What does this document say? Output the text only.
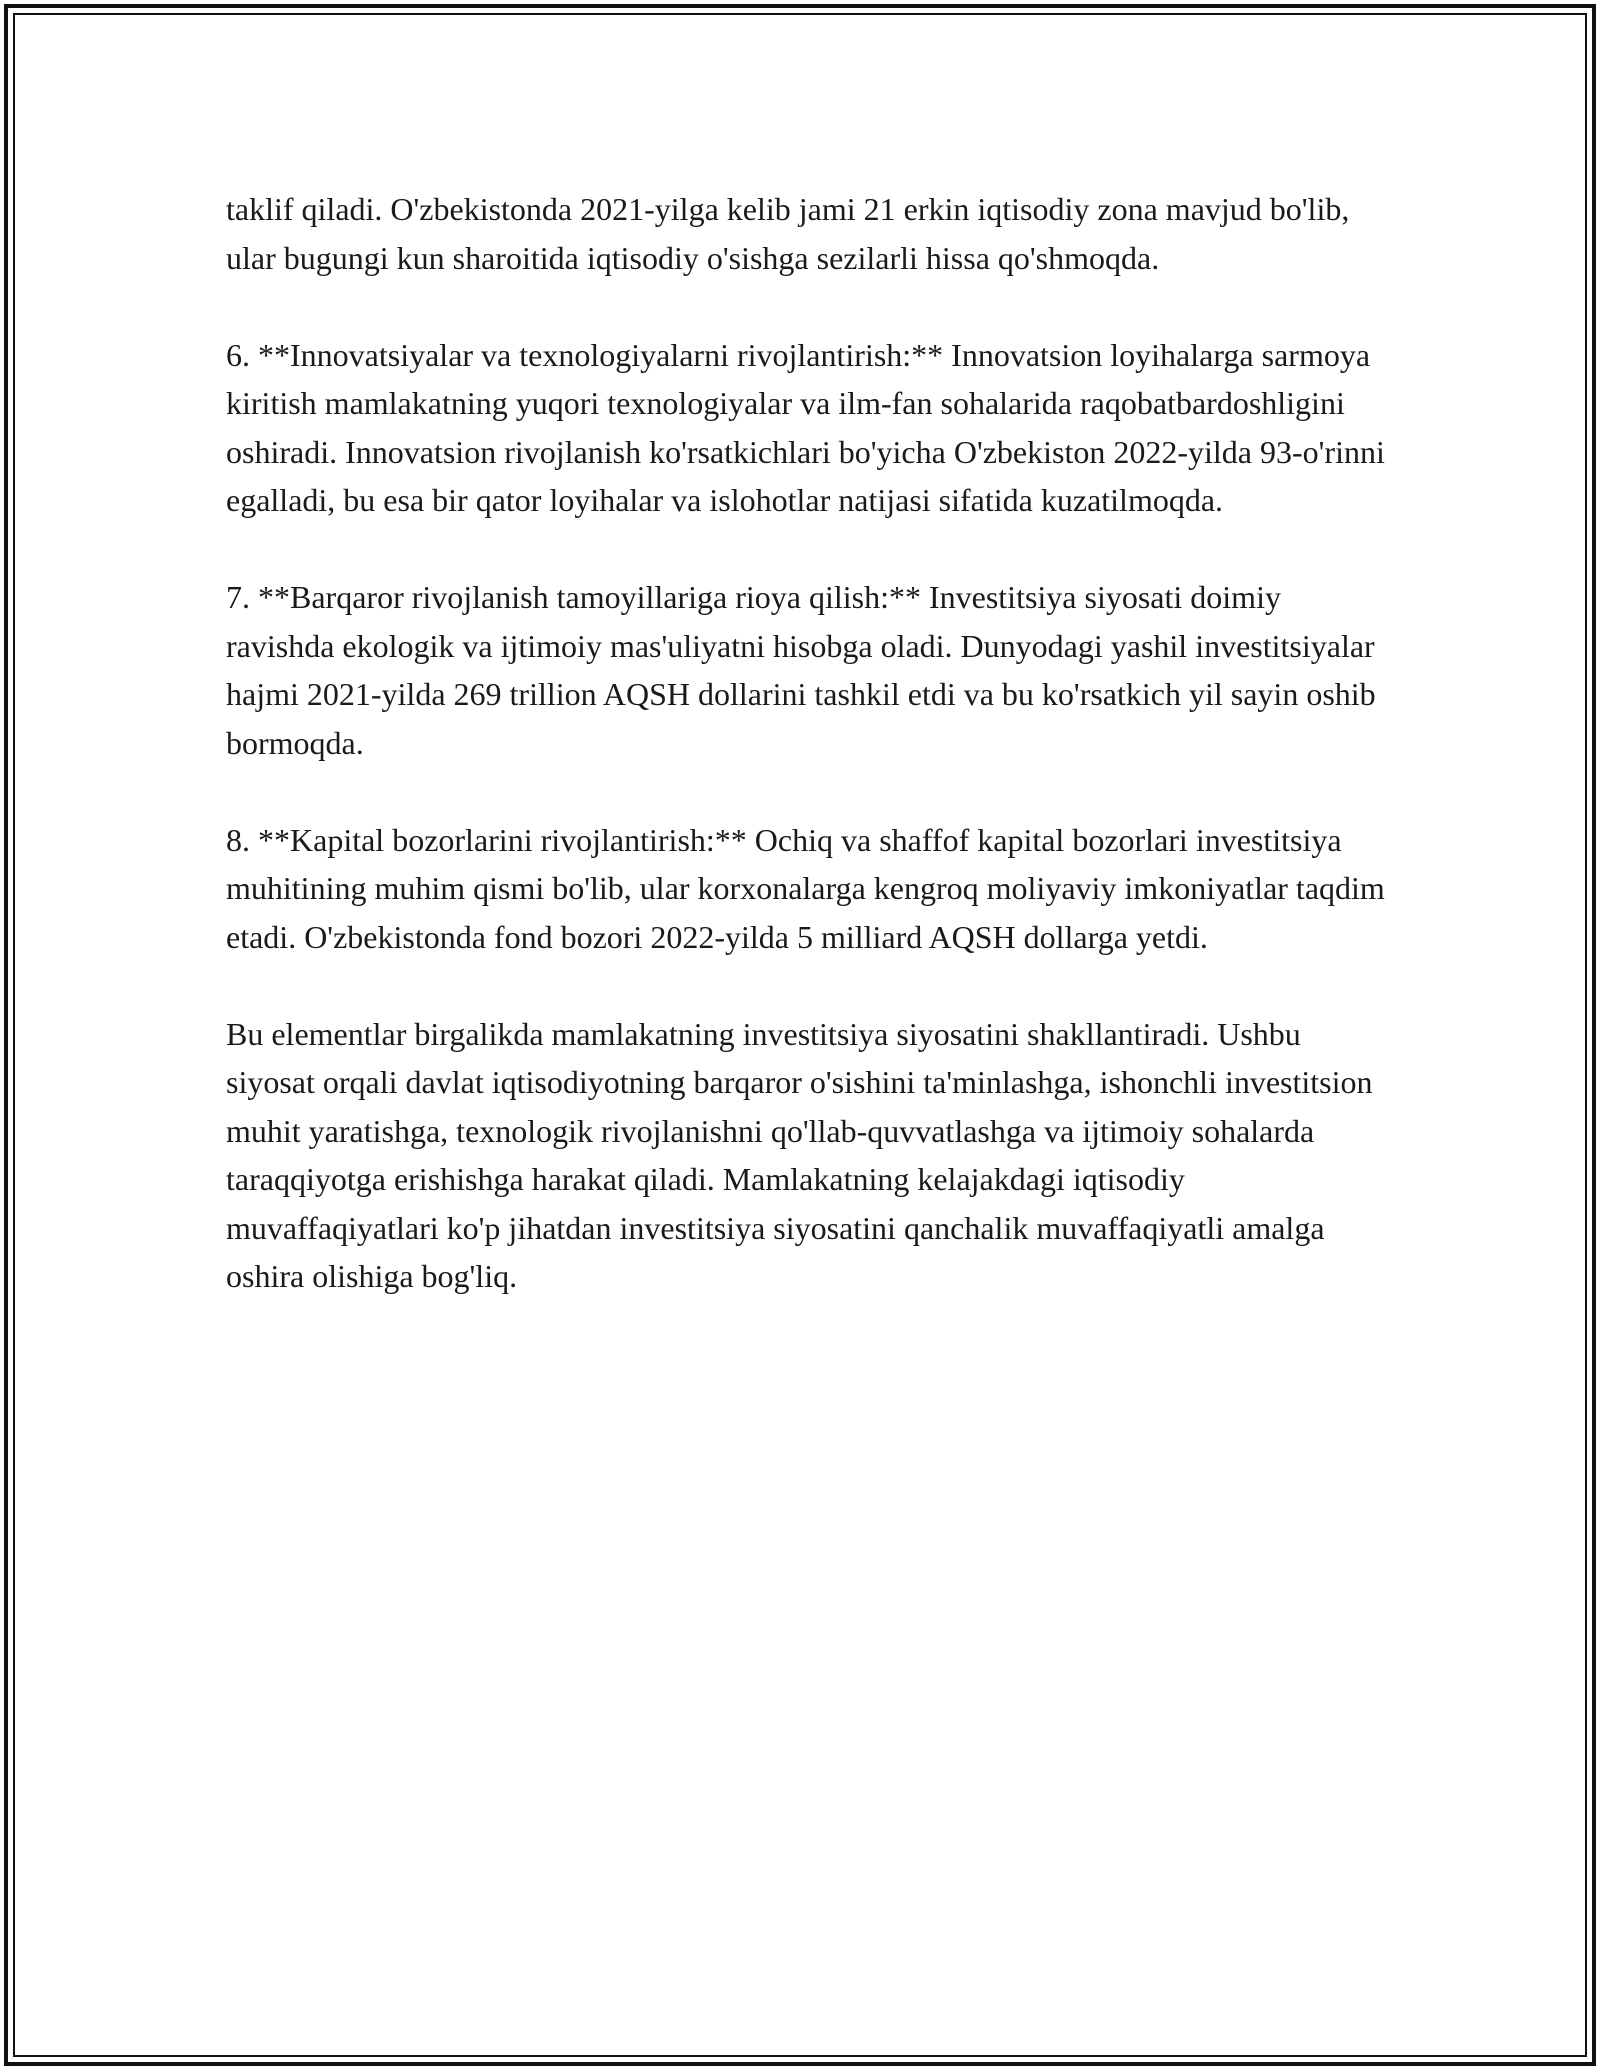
taklif qiladi. O'zbekistonda 2021-yilga kelib jami 21 erkin iqtisodiy zona mavjud bo'lib, ular bugungi kun sharoitida iqtisodiy o'sishga sezilarli hissa qo'shmoqda.

6. **Innovatsiyalar va texnologiyalarni rivojlantirish:** Innovatsion loyihalarga sarmoya kiritish mamlakatning yuqori texnologiyalar va ilm-fan sohalarida raqobatbardoshligini oshiradi. Innovatsion rivojlanish ko'rsatkichlari bo'yicha O'zbekiston 2022-yilda 93-o'rinni egalladi, bu esa bir qator loyihalar va islohotlar natijasi sifatida kuzatilmoqda.

7. **Barqaror rivojlanish tamoyillariga rioya qilish:** Investitsiya siyosati doimiy ravishda ekologik va ijtimoiy mas'uliyatni hisobga oladi. Dunyodagi yashil investitsiyalar hajmi 2021-yilda 269 trillion AQSH dollarini tashkil etdi va bu ko'rsatkich yil sayin oshib bormoqda.

8. **Kapital bozorlarini rivojlantirish:** Ochiq va shaffof kapital bozorlari investitsiya muhitining muhim qismi bo'lib, ular korxonalarga kengroq moliyaviy imkoniyatlar taqdim etadi. O'zbekistonda fond bozori 2022-yilda 5 milliard AQSH dollarga yetdi.

Bu elementlar birgalikda mamlakatning investitsiya siyosatini shakllantiradi. Ushbu siyosat orqali davlat iqtisodiyotning barqaror o'sishini ta'minlashga, ishonchli investitsion muhit yaratishga, texnologik rivojlanishni qo'llab-quvvatlashga va ijtimoiy sohalarda taraqqiyotga erishishga harakat qiladi. Mamlakatning kelajakdagi iqtisodiy muvaffaqiyatlari ko'p jihatdan investitsiya siyosatini qanchalik muvaffaqiyatli amalga oshira olishiga bog'liq.
